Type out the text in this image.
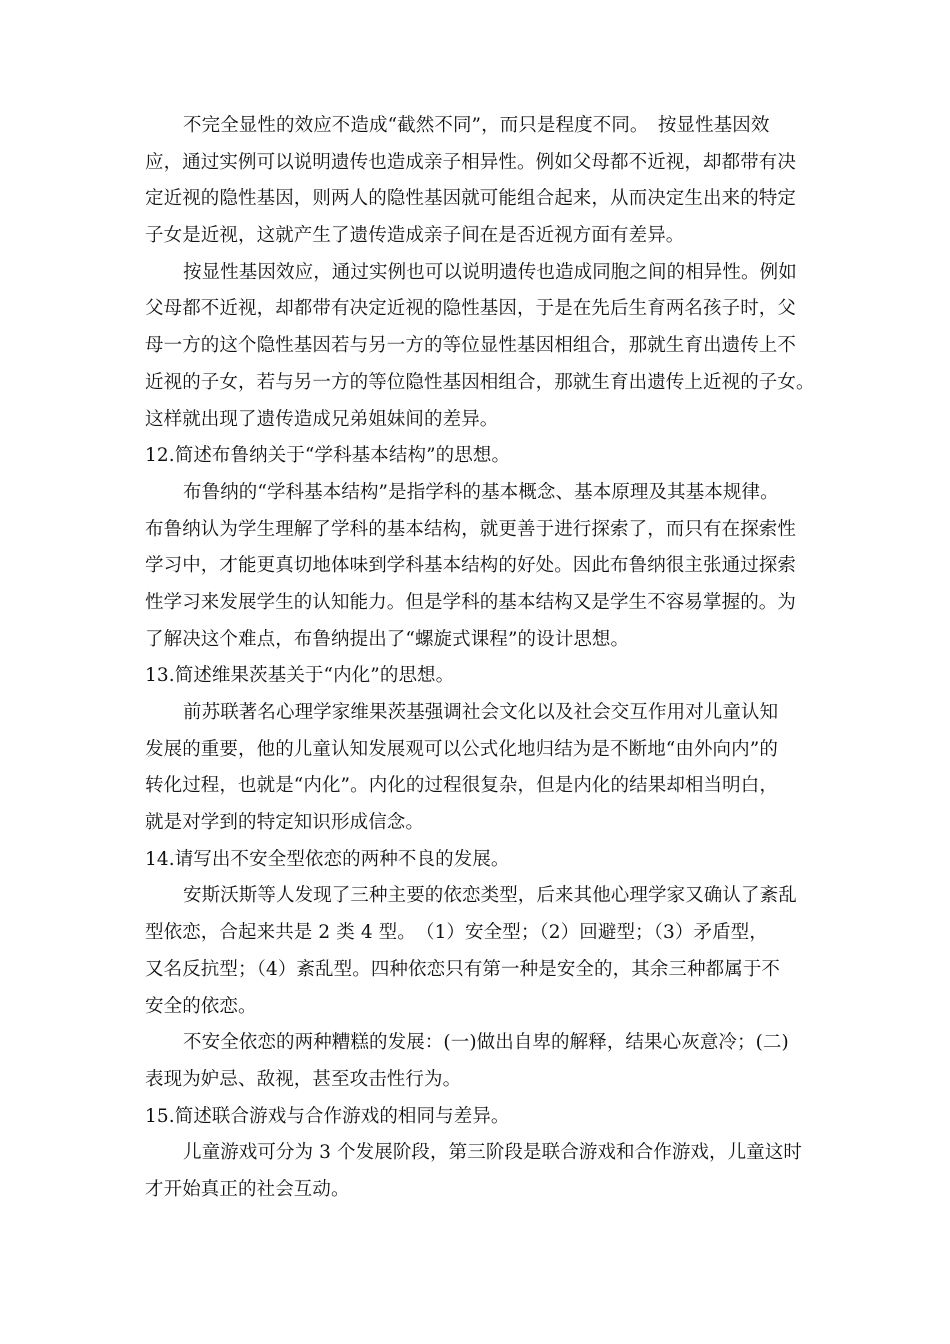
不完全显性的效应不造成“截然不同”，而只是程度不同。　按显性基因效
应，通过实例可以说明遗传也造成亲子相异性。例如父母都不近视，却都带有决
定近视的隐性基因，则两人的隐性基因就可能组合起来，从而决定生出来的特定
子女是近视，这就产生了遗传造成亲子间在是否近视方面有差异。
按显性基因效应，通过实例也可以说明遗传也造成同胞之间的相异性。例如
父母都不近视，却都带有决定近视的隐性基因，于是在先后生育两名孩子时，父
母一方的这个隐性基因若与另一方的等位显性基因相组合，那就生育出遗传上不
近视的子女，若与另一方的等位隐性基因相组合，那就生育出遗传上近视的子女。
这样就出现了遗传造成兄弟姐妹间的差异。
12.简述布鲁纳关于“学科基本结构”的思想。
布鲁纳的“学科基本结构”是指学科的基本概念、基本原理及其基本规律。
布鲁纳认为学生理解了学科的基本结构，就更善于进行探索了，而只有在探索性
学习中，才能更真切地体味到学科基本结构的好处。因此布鲁纳很主张通过探索
性学习来发展学生的认知能力。但是学科的基本结构又是学生不容易掌握的。为
了解决这个难点，布鲁纳提出了“螺旋式课程”的设计思想。
13.简述维果茨基关于“内化”的思想。
前苏联著名心理学家维果茨基强调社会文化以及社会交互作用对儿童认知
发展的重要，他的儿童认知发展观可以公式化地归结为是不断地“由外向内”的
转化过程，也就是“内化”。内化的过程很复杂，但是内化的结果却相当明白，
就是对学到的特定知识形成信念。
14.请写出不安全型依恋的两种不良的发展。
安斯沃斯等人发现了三种主要的依恋类型，后来其他心理学家又确认了紊乱
型依恋，合起来共是 2 类 4 型。　（1）安全型；（2）回避型；（3）矛盾型，
又名反抗型；（4）紊乱型。四种依恋只有第一种是安全的，其余三种都属于不
安全的依恋。
不安全依恋的两种糟糕的发展：(一)做出自卑的解释，结果心灰意冷；(二)
表现为妒忌、敌视，甚至攻击性行为。
15.简述联合游戏与合作游戏的相同与差异。
儿童游戏可分为 3 个发展阶段，第三阶段是联合游戏和合作游戏，儿童这时
才开始真正的社会互动。
